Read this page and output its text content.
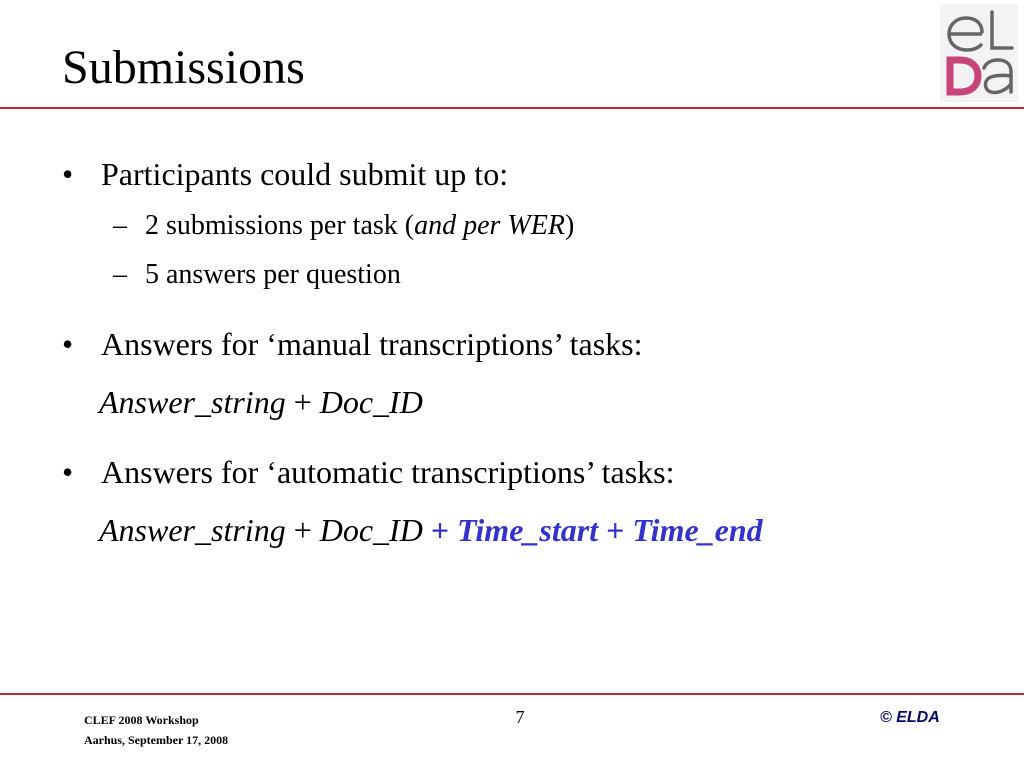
Submissions
• Participants could submit up to:
– 2 submissions per task (and per WER)
– 5 answers per question
• Answers for ‘manual transcriptions’ tasks:
Answer_string + Doc_ID
• Answers for ‘automatic transcriptions’ tasks:
Answer_string + Doc_ID + Time_start + Time_end
CLEF 2008 Workshop
Aarhus, September 17, 2008
7	© ELDA
